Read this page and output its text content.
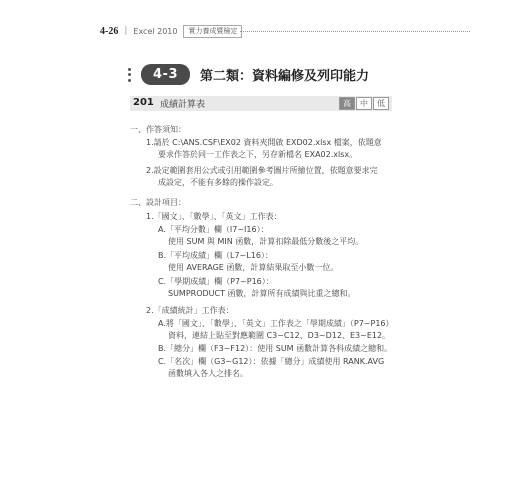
4-26 | Excel 2010	實力養成暨檢定
4-3	第二類：資料編修及列印能力
201 成績計算表	高	中	低
一、作答須知：
1.請於 C:\ANS.CSF\EX02 資料夾開啟 EXD02.xlsx 檔案，依題意
要求作答於同一工作表之下，另存新檔名 EXA02.xlsx。
2.設定範圍套用公式或引用範圍參考圖片所繪位置，依題意要求完
成設定，不能有多餘的操作設定。
二、設計項目：
1.「國文」、「數學」、「英文」工作表：
A.「平均分數」欄（I7~I16）：
使用 SUM 與 MIN 函數，計算扣除最低分數後之平均。
B.「平均成績」欄（L7~L16）：
使用 AVERAGE 函數，計算結果取至小數一位。
C.「學期成績」欄（P7~P16）：
SUMPRODUCT 函數，計算所有成績與比重之總和。
2.「成績統計」工作表：
A.將「國文」、「數學」、「英文」工作表之「學期成績」（P7~P16）
資料，連結上貼至對應範圍 C3~C12、D3~D12、E3~E12。
B.「總分」欄（F3~F12）：使用 SUM 函數計算各科成績之總和。
C.「名次」欄（G3~G12）：依據「總分」成績使用 RANK.AVG
函數填入各人之排名。
